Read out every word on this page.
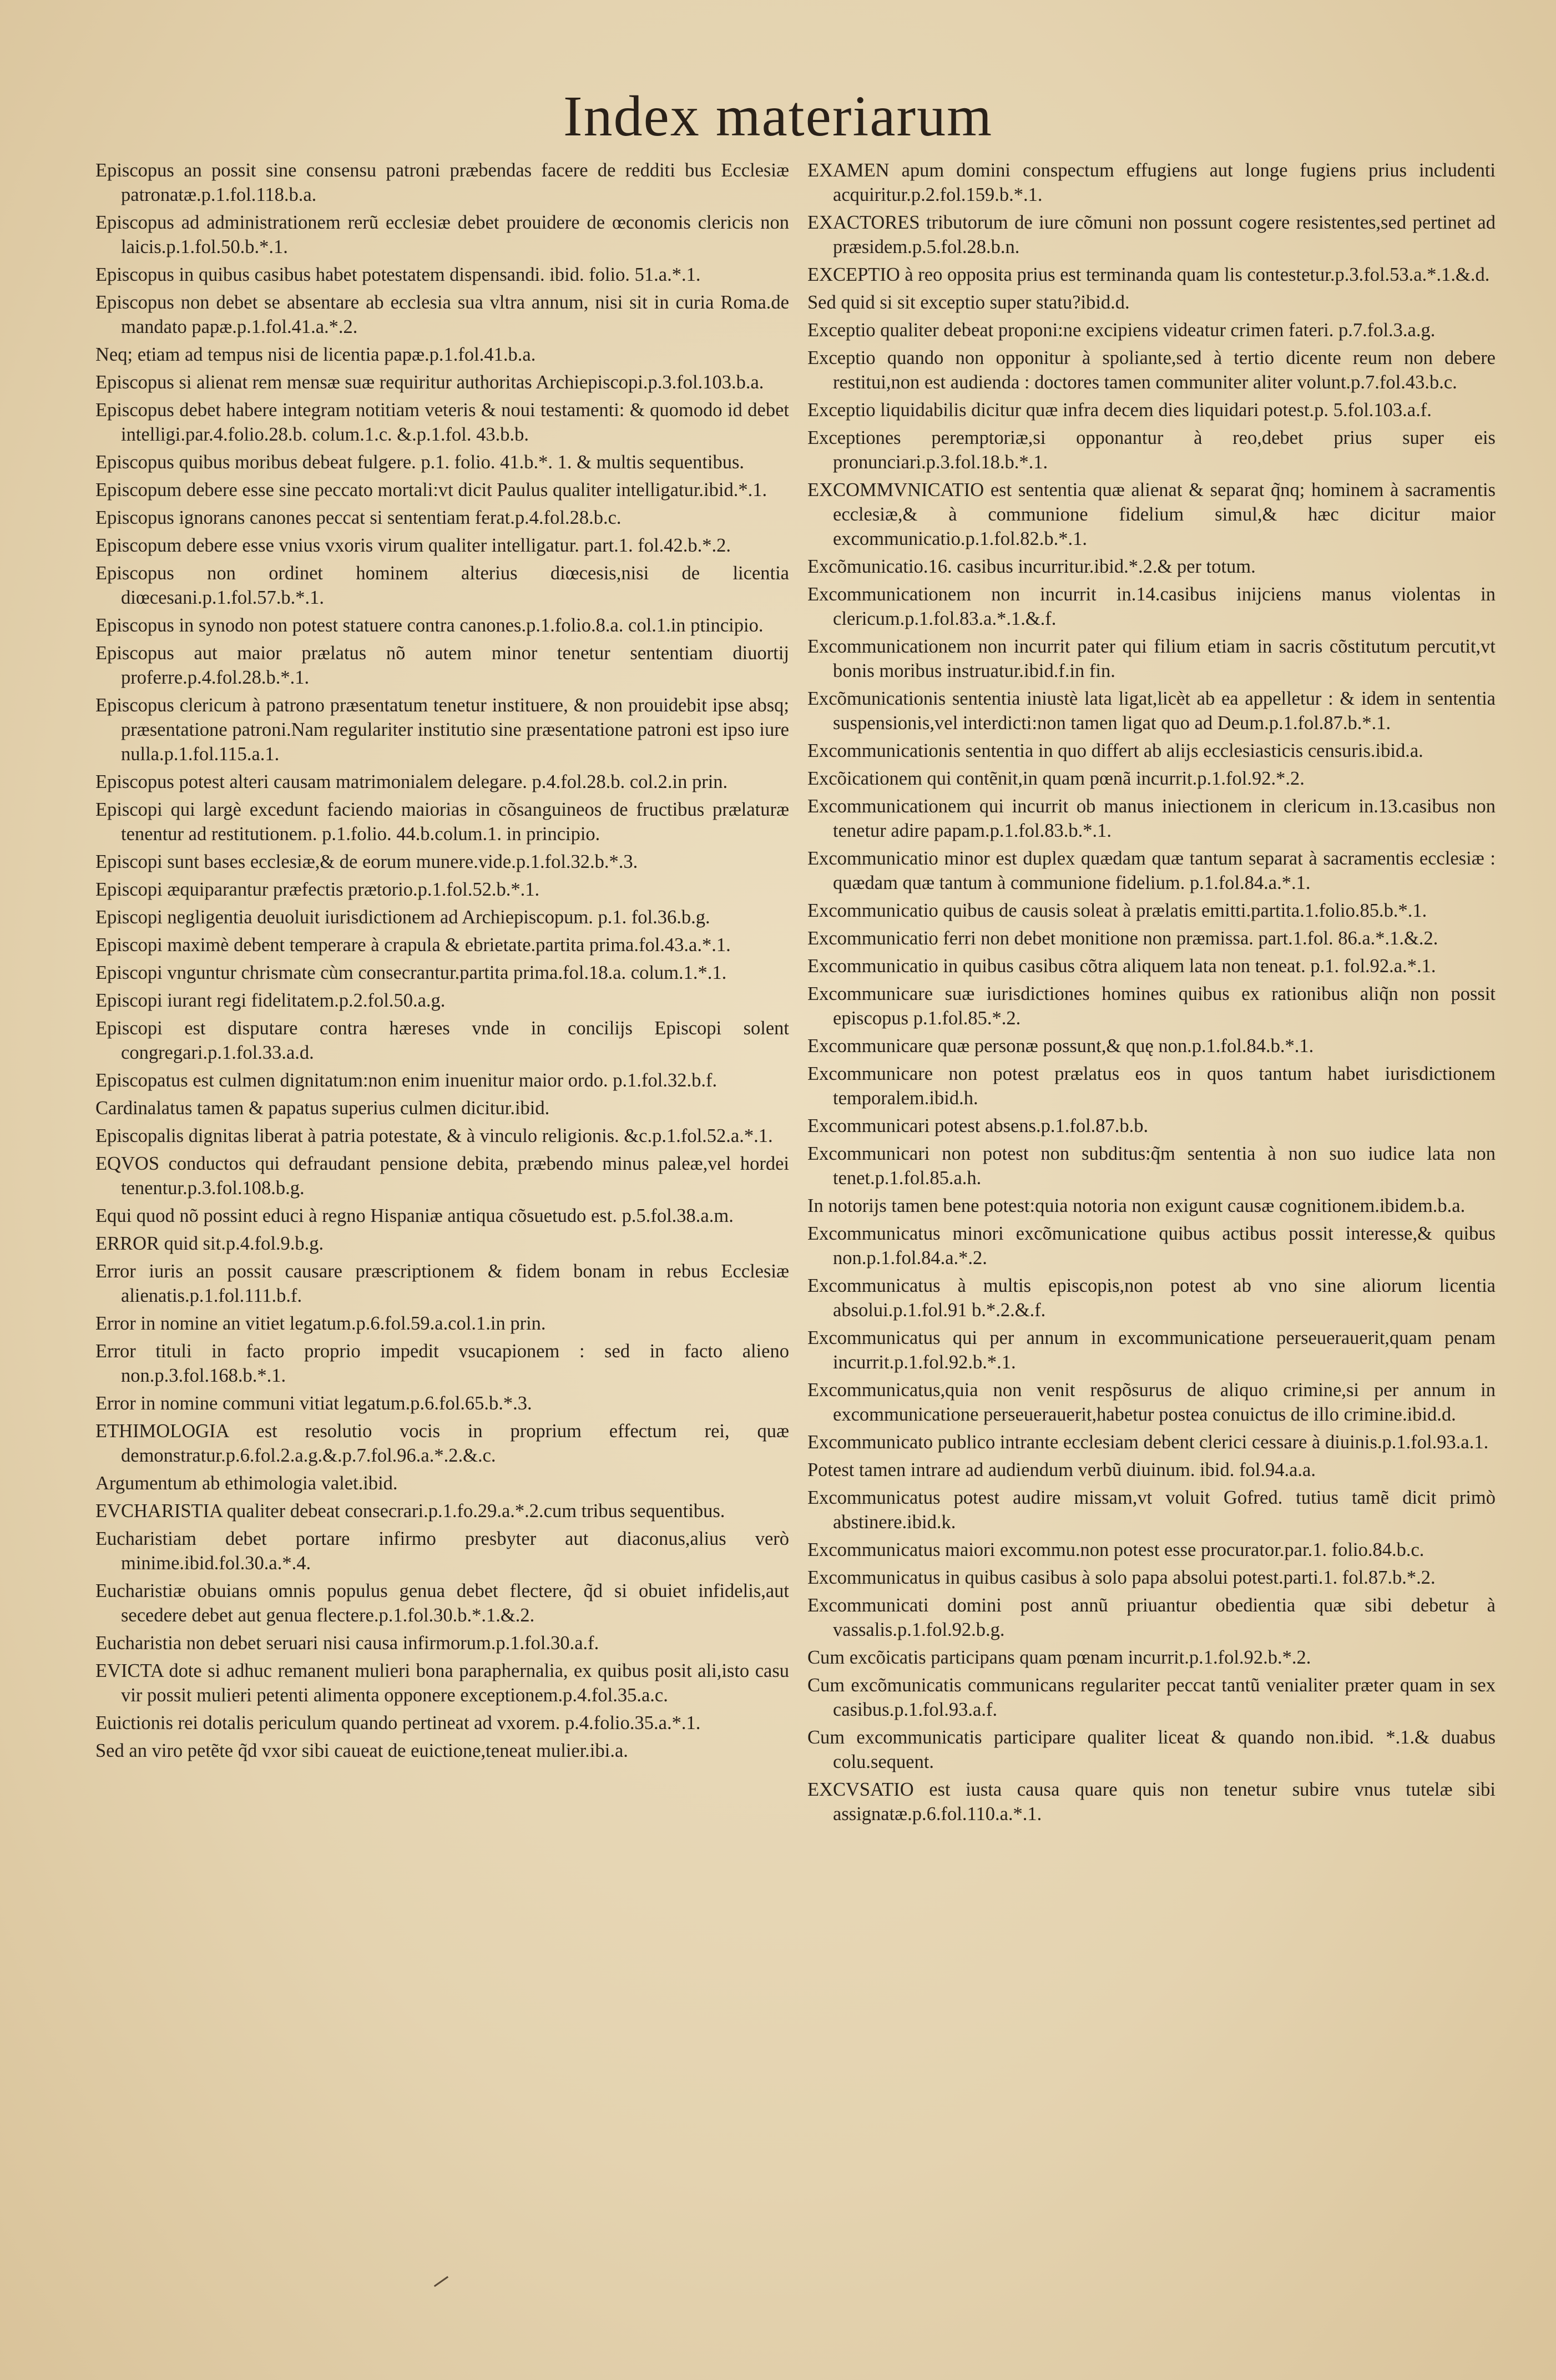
Index materiarum

Episcopus an possit sine consensu patroni præbendas facere de redditi bus Ecclesiæ patronatæ.p.1.fol.118.b.a.

Episcopus ad administrationem rerũ ecclesiæ debet prouidere de œconomis clericis non laicis.p.1.fol.50.b.*.1.

Episcopus in quibus casibus habet potestatem dispensandi. ibid. folio. 51.a.*.1.

Episcopus non debet se absentare ab ecclesia sua vltra annum, nisi sit in curia Roma.de mandato papæ.p.1.fol.41.a.*.2.

Neq; etiam ad tempus nisi de licentia papæ.p.1.fol.41.b.a.

Episcopus si alienat rem mensæ suæ requiritur authoritas Archiepiscopi.p.3.fol.103.b.a.

Episcopus debet habere integram notitiam veteris & noui testamenti: & quomodo id debet intelligi.par.4.folio.28.b. colum.1.c. &.p.1.fol. 43.b.b.

Episcopus quibus moribus debeat fulgere. p.1. folio. 41.b.*. 1. & multis sequentibus.

Episcopum debere esse sine peccato mortali:vt dicit Paulus qualiter intelligatur.ibid.*.1.

Episcopus ignorans canones peccat si sententiam ferat.p.4.fol.28.b.c.

Episcopum debere esse vnius vxoris virum qualiter intelligatur. part.1. fol.42.b.*.2.

Episcopus non ordinet hominem alterius diœcesis,nisi de licentia diœcesani.p.1.fol.57.b.*.1.

Episcopus in synodo non potest statuere contra canones.p.1.folio.8.a. col.1.in ptincipio.

Episcopus aut maior prælatus nõ autem minor tenetur sententiam diuortij proferre.p.4.fol.28.b.*.1.

Episcopus clericum à patrono præsentatum tenetur instituere, & non prouidebit ipse absq; præsentatione patroni.Nam regulariter institutio sine præsentatione patroni est ipso iure nulla.p.1.fol.115.a.1.

Episcopus potest alteri causam matrimonialem delegare. p.4.fol.28.b. col.2.in prin.

Episcopi qui largè excedunt faciendo maiorias in cõsanguineos de fructibus prælaturæ tenentur ad restitutionem. p.1.folio. 44.b.colum.1. in principio.

Episcopi sunt bases ecclesiæ,& de eorum munere.vide.p.1.fol.32.b.*.3.

Episcopi æquiparantur præfectis prætorio.p.1.fol.52.b.*.1.

Episcopi negligentia deuoluit iurisdictionem ad Archiepiscopum. p.1. fol.36.b.g.

Episcopi maximè debent temperare à crapula & ebrietate.partita prima.fol.43.a.*.1.

Episcopi vnguntur chrismate cùm consecrantur.partita prima.fol.18.a. colum.1.*.1.

Episcopi iurant regi fidelitatem.p.2.fol.50.a.g.

Episcopi est disputare contra hæreses vnde in concilijs Episcopi solent congregari.p.1.fol.33.a.d.

Episcopatus est culmen dignitatum:non enim inuenitur maior ordo. p.1.fol.32.b.f.

Cardinalatus tamen & papatus superius culmen dicitur.ibid.

Episcopalis dignitas liberat à patria potestate, & à vinculo religionis. &c.p.1.fol.52.a.*.1.

EQVOS conductos qui defraudant pensione debita, præbendo minus paleæ,vel hordei tenentur.p.3.fol.108.b.g.

Equi quod nõ possint educi à regno Hispaniæ antiqua cõsuetudo est. p.5.fol.38.a.m.

ERROR quid sit.p.4.fol.9.b.g.

Error iuris an possit causare præscriptionem & fidem bonam in rebus Ecclesiæ alienatis.p.1.fol.111.b.f.

Error in nomine an vitiet legatum.p.6.fol.59.a.col.1.in prin.

Error tituli in facto proprio impedit vsucapionem : sed in facto alieno non.p.3.fol.168.b.*.1.

Error in nomine communi vitiat legatum.p.6.fol.65.b.*.3.

ETHIMOLOGIA est resolutio vocis in proprium effectum rei, quæ demonstratur.p.6.fol.2.a.g.&.p.7.fol.96.a.*.2.&.c.

Argumentum ab ethimologia valet.ibid.

EVCHARISTIA qualiter debeat consecrari.p.1.fo.29.a.*.2.cum tribus sequentibus.

Eucharistiam debet portare infirmo presbyter aut diaconus,alius verò minime.ibid.fol.30.a.*.4.

Eucharistiæ obuians omnis populus genua debet flectere, q̃d si obuiet infidelis,aut secedere debet aut genua flectere.p.1.fol.30.b.*.1.&.2.

Eucharistia non debet seruari nisi causa infirmorum.p.1.fol.30.a.f.

EVICTA dote si adhuc remanent mulieri bona paraphernalia, ex quibus posit ali,isto casu vir possit mulieri petenti alimenta opponere exceptionem.p.4.fol.35.a.c.

Euictionis rei dotalis periculum quando pertineat ad vxorem. p.4.folio.35.a.*.1.

Sed an viro petẽte q̃d vxor sibi caueat de euictione,teneat mulier.ibi.a.

EXAMEN apum domini conspectum effugiens aut longe fugiens prius includenti acquiritur.p.2.fol.159.b.*.1.

EXACTORES tributorum de iure cõmuni non possunt cogere resistentes,sed pertinet ad præsidem.p.5.fol.28.b.n.

EXCEPTIO à reo opposita prius est terminanda quam lis contestetur.p.3.fol.53.a.*.1.&.d.

Sed quid si sit exceptio super statu?ibid.d.

Exceptio qualiter debeat proponi:ne excipiens videatur crimen fateri. p.7.fol.3.a.g.

Exceptio quando non opponitur à spoliante,sed à tertio dicente reum non debere restitui,non est audienda : doctores tamen communiter aliter volunt.p.7.fol.43.b.c.

Exceptio liquidabilis dicitur quæ infra decem dies liquidari potest.p. 5.fol.103.a.f.

Exceptiones peremptoriæ,si opponantur à reo,debet prius super eis pronunciari.p.3.fol.18.b.*.1.

EXCOMMVNICATIO est sententia quæ alienat & separat q̃nq; hominem à sacramentis ecclesiæ,& à communione fidelium simul,& hæc dicitur maior excommunicatio.p.1.fol.82.b.*.1.

Excõmunicatio.16. casibus incurritur.ibid.*.2.& per totum.

Excommunicationem non incurrit in.14.casibus inijciens manus violentas in clericum.p.1.fol.83.a.*.1.&.f.

Excommunicationem non incurrit pater qui filium etiam in sacris cõstitutum percutit,vt bonis moribus instruatur.ibid.f.in fin.

Excõmunicationis sententia iniustè lata ligat,licèt ab ea appelletur : & idem in sententia suspensionis,vel interdicti:non tamen ligat quo ad Deum.p.1.fol.87.b.*.1.

Excommunicationis sententia in quo differt ab alijs ecclesiasticis censuris.ibid.a.

Excõicationem qui contẽnit,in quam pœnã incurrit.p.1.fol.92.*.2.

Excommunicationem qui incurrit ob manus iniectionem in clericum in.13.casibus non tenetur adire papam.p.1.fol.83.b.*.1.

Excommunicatio minor est duplex quædam quæ tantum separat à sacramentis ecclesiæ : quædam quæ tantum à communione fidelium. p.1.fol.84.a.*.1.

Excommunicatio quibus de causis soleat à prælatis emitti.partita.1.folio.85.b.*.1.

Excommunicatio ferri non debet monitione non præmissa. part.1.fol. 86.a.*.1.&.2.

Excommunicatio in quibus casibus cõtra aliquem lata non teneat. p.1. fol.92.a.*.1.

Excommunicare suæ iurisdictiones homines quibus ex rationibus aliq̃n non possit episcopus p.1.fol.85.*.2.

Excommunicare quæ personæ possunt,& quę non.p.1.fol.84.b.*.1.

Excommunicare non potest prælatus eos in quos tantum habet iurisdictionem temporalem.ibid.h.

Excommunicari potest absens.p.1.fol.87.b.b.

Excommunicari non potest non subditus:q̃m sententia à non suo iudice lata non tenet.p.1.fol.85.a.h.

In notorijs tamen bene potest:quia notoria non exigunt causæ cognitionem.ibidem.b.a.

Excommunicatus minori excõmunicatione quibus actibus possit interesse,& quibus non.p.1.fol.84.a.*.2.

Excommunicatus à multis episcopis,non potest ab vno sine aliorum licentia absolui.p.1.fol.91 b.*.2.&.f.

Excommunicatus qui per annum in excommunicatione perseuerauerit,quam penam incurrit.p.1.fol.92.b.*.1.

Excommunicatus,quia non venit respõsurus de aliquo crimine,si per annum in excommunicatione perseuerauerit,habetur postea conuictus de illo crimine.ibid.d.

Excommunicato publico intrante ecclesiam debent clerici cessare à diuinis.p.1.fol.93.a.1.

Potest tamen intrare ad audiendum verbũ diuinum. ibid. fol.94.a.a.

Excommunicatus potest audire missam,vt voluit Gofred. tutius tamẽ dicit primò abstinere.ibid.k.

Excommunicatus maiori excommu.non potest esse procurator.par.1. folio.84.b.c.

Excommunicatus in quibus casibus à solo papa absolui potest.parti.1. fol.87.b.*.2.

Excommunicati domini post annũ priuantur obedientia quæ sibi debetur à vassalis.p.1.fol.92.b.g.

Cum excõicatis participans quam pœnam incurrit.p.1.fol.92.b.*.2.

Cum excõmunicatis communicans regulariter peccat tantũ venialiter præter quam in sex casibus.p.1.fol.93.a.f.

Cum excommunicatis participare qualiter liceat & quando non.ibid. *.1.& duabus colu.sequent.

EXCVSATIO est iusta causa quare quis non tenetur subire vnus tutelæ sibi assignatæ.p.6.fol.110.a.*.1.
